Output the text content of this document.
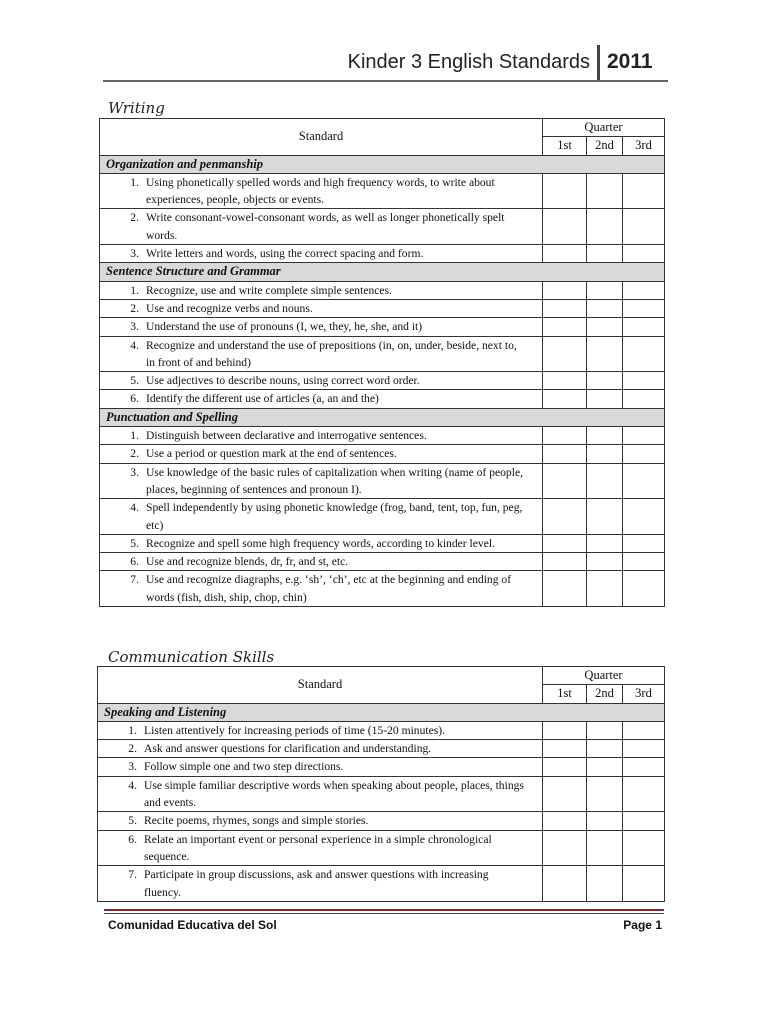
Kinder 3 English Standards 2011
Writing
Standard	Quarter		
	1st	2nd	3rd
Organization and penmanship			
1. Using phonetically spelled words and high frequency words, to write about experiences, people, objects or events.			
2. Write consonant-vowel-consonant words, as well as longer phonetically spelt words.			
3. Write letters and words, using the correct spacing and form.			
Sentence Structure and Grammar			
1. Recognize, use and write complete simple sentences.			
2. Use and recognize verbs and nouns.			
3. Understand the use of pronouns (I, we, they, he, she, and it)			
4. Recognize and understand the use of prepositions (in, on, under, beside, next to, in front of and behind)			
5. Use adjectives to describe nouns, using correct word order.			
6. Identify the different use of articles (a, an and the)			
Punctuation and Spelling			
1. Distinguish between declarative and interrogative sentences.			
2. Use a period or question mark at the end of sentences.			
3. Use knowledge of the basic rules of capitalization when writing (name of people, places, beginning of sentences and pronoun I).			
4. Spell independently by using phonetic knowledge (frog, band, tent, top, fun, peg, etc)			
5. Recognize and spell some high frequency words, according to kinder level.			
6. Use and recognize blends, dr, fr, and st, etc.			
7. Use and recognize diagraphs, e.g. ‘sh’, ‘ch’, etc at the beginning and ending of words (fish, dish, ship, chop, chin)			
Communication Skills
Standard	Quarter		
	1st	2nd	3rd
Speaking and Listening			
1. Listen attentively for increasing periods of time (15-20 minutes).			
2. Ask and answer questions for clarification and understanding.			
3. Follow simple one and two step directions.			
4. Use simple familiar descriptive words when speaking about people, places, things and events.			
5. Recite poems, rhymes, songs and simple stories.			
6. Relate an important event or personal experience in a simple chronological sequence.			
7. Participate in group discussions, ask and answer questions with increasing fluency.			
Comunidad Educativa del Sol	Page 1
